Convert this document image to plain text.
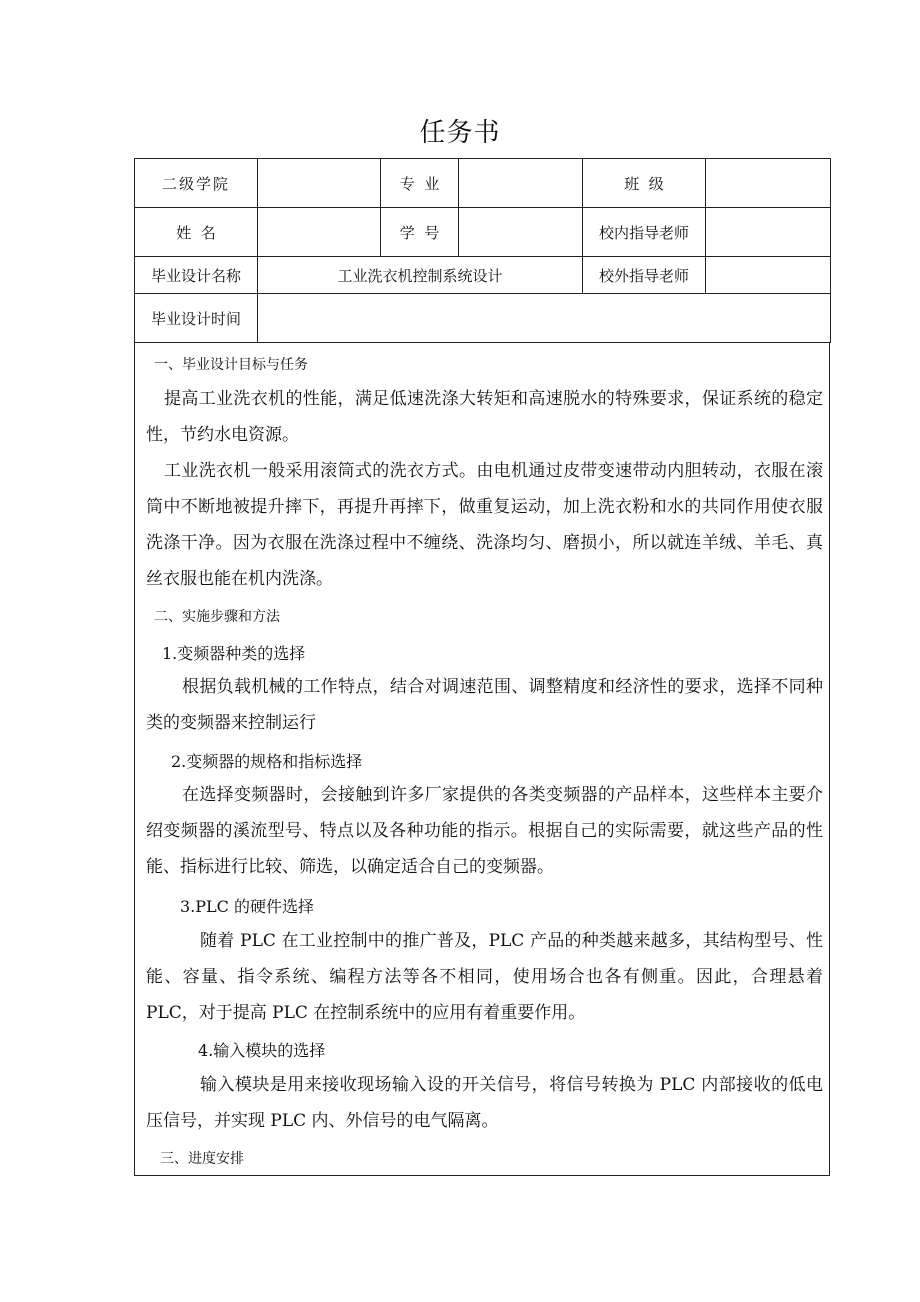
任务书
二级学院		专  业		班  级	
姓  名		学  号		校内指导老师	
毕业设计名称	工业洗衣机控制系统设计			校外指导老师	
毕业设计时间					
一、毕业设计目标与任务
提高工业洗衣机的性能，满足低速洗涤大转矩和高速脱水的特殊要求，保证系统的稳定性，节约水电资源。
工业洗衣机一般采用滚筒式的洗衣方式。由电机通过皮带变速带动内胆转动，衣服在滚筒中不断地被提升摔下，再提升再摔下，做重复运动，加上洗衣粉和水的共同作用使衣服洗涤干净。因为衣服在洗涤过程中不缠绕、洗涤均匀、磨损小，所以就连羊绒、羊毛、真丝衣服也能在机内洗涤。
二、实施步骤和方法
1.变频器种类的选择
根据负载机械的工作特点，结合对调速范围、调整精度和经济性的要求，选择不同种类的变频器来控制运行
2.变频器的规格和指标选择
在选择变频器时，会接触到许多厂家提供的各类变频器的产品样本，这些样本主要介绍变频器的溪流型号、特点以及各种功能的指示。根据自己的实际需要，就这些产品的性能、指标进行比较、筛选，以确定适合自己的变频器。
3.PLC 的硬件选择
随着 PLC 在工业控制中的推广普及，PLC 产品的种类越来越多，其结构型号、性能、容量、指令系统、编程方法等各不相同，使用场合也各有侧重。因此，合理悬着 PLC，对于提高 PLC 在控制系统中的应用有着重要作用。
4.输入模块的选择
输入模块是用来接收现场输入设的开关信号，将信号转换为 PLC 内部接收的低电压信号，并实现 PLC 内、外信号的电气隔离。
三、进度安排
